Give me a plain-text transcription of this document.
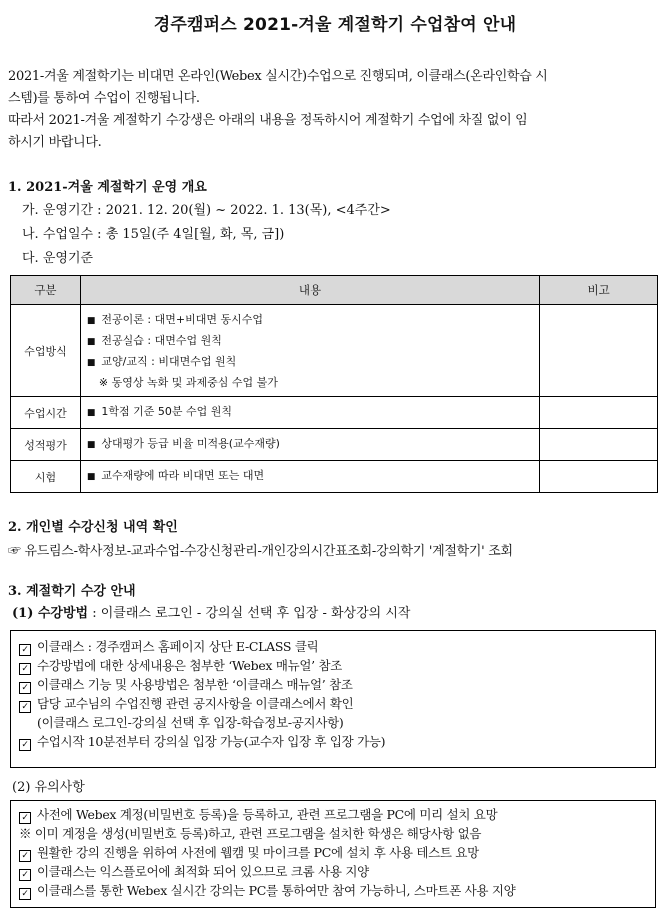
경주캠퍼스 2021-겨울 계절학기 수업참여 안내
2021-겨울 계절학기는 비대면 온라인(Webex 실시간)수업으로 진행되며, 이클래스(온라인학습 시
스템)를 통하여 수업이 진행됩니다.
따라서 2021-겨울 계절학기 수강생은 아래의 내용을 정독하시어 계절학기 수업에 차질 없이 임
하시기 바랍니다.
1. 2021-겨울 계절학기 운영 개요
가. 운영기간 : 2021. 12. 20(월) ~ 2022. 1. 13(목), <4주간>
나. 수업일수 : 총 15일(주 4일[월, 화, 목, 금])
다. 운영기준
구분	내용	비고
수업방식	■ 전공이론 : 대면+비대면 동시수업
■ 전공실습 : 대면수업 원칙
■ 교양/교직 : 비대면수업 원칙
※ 동영상 녹화 및 과제중심 수업 불가	

수업시간	■ 1학점 기준 50분 수업 원칙	

성적평가	■ 상대평가 등급 비율 미적용(교수재량)	

시험	■ 교수재량에 따라 비대면 또는 대면	

2. 개인별 수강신청 내역 확인
☞ 유드림스-학사정보-교과수업-수강신청관리-개인강의시간표조회-강의학기 '계절학기' 조회
3. 계절학기 수강 안내
(1) 수강방법 : 이클래스 로그인 - 강의실 선택 후 입장 - 화상강의 시작
✓ 이클래스 : 경주캠퍼스 홈페이지 상단 E-CLASS 클릭
✓ 수강방법에 대한 상세내용은 첨부한 ‘Webex 매뉴얼’ 참조
✓ 이클래스 기능 및 사용방법은 첨부한 ‘이클래스 매뉴얼’ 참조
✓ 담당 교수님의 수업진행 관련 공지사항을 이클래스에서 확인
(이클래스 로그인-강의실 선택 후 입장-학습정보-공지사항)
✓ 수업시작 10분전부터 강의실 입장 가능(교수자 입장 후 입장 가능)
(2) 유의사항
✓ 사전에 Webex 계정(비밀번호 등록)을 등록하고, 관련 프로그램을 PC에 미리 설치 요망
※ 이미 계정을 생성(비밀번호 등록)하고, 관련 프로그램을 설치한 학생은 해당사항 없음
✓ 원활한 강의 진행을 위하여 사전에 웹캠 및 마이크를 PC에 설치 후 사용 테스트 요망
✓ 이클래스는 익스플로어에 최적화 되어 있으므로 크롬 사용 지양
✓ 이클래스를 통한 Webex 실시간 강의는 PC를 통하여만 참여 가능하니, 스마트폰 사용 지양
